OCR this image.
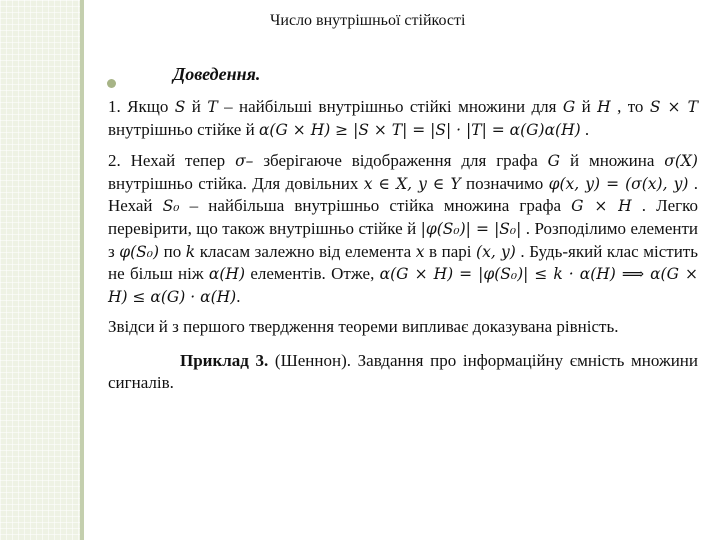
Число внутрішньої стійкості
Доведення.

1. Якщо S й T – найбільші внутрішньо стійкі множини для G й H , то S × T внутрішньо стійке й α(G × H) ≥ |S × T| = |S| · |T| = α(G)α(H) .

2. Нехай тепер σ– зберігаюче відображення для графа G й множина σ(X) внутрішньо стійка. Для довільних x ∈ X, y ∈ Y позначимо φ(x, y) = (σ(x), y) . Нехай S₀ – найбільша внутрішньо стійка множина графа G × H . Легко перевірити, що також внутрішньо стійке й |φ(S₀)| = |S₀| . Розподілимо елементи з φ(S₀) по k класам залежно від елемента x в парі (x, y) . Будь-який клас містить не більш ніж α(H) елементів. Отже, α(G × H) = |φ(S₀)| ≤ k · α(H) ⟹ α(G × H) ≤ α(G) · α(H).

Звідси й з першого твердження теореми випливає доказувана рівність.

Приклад 3. (Шеннон). Завдання про інформаційну ємність множини сигналів.
